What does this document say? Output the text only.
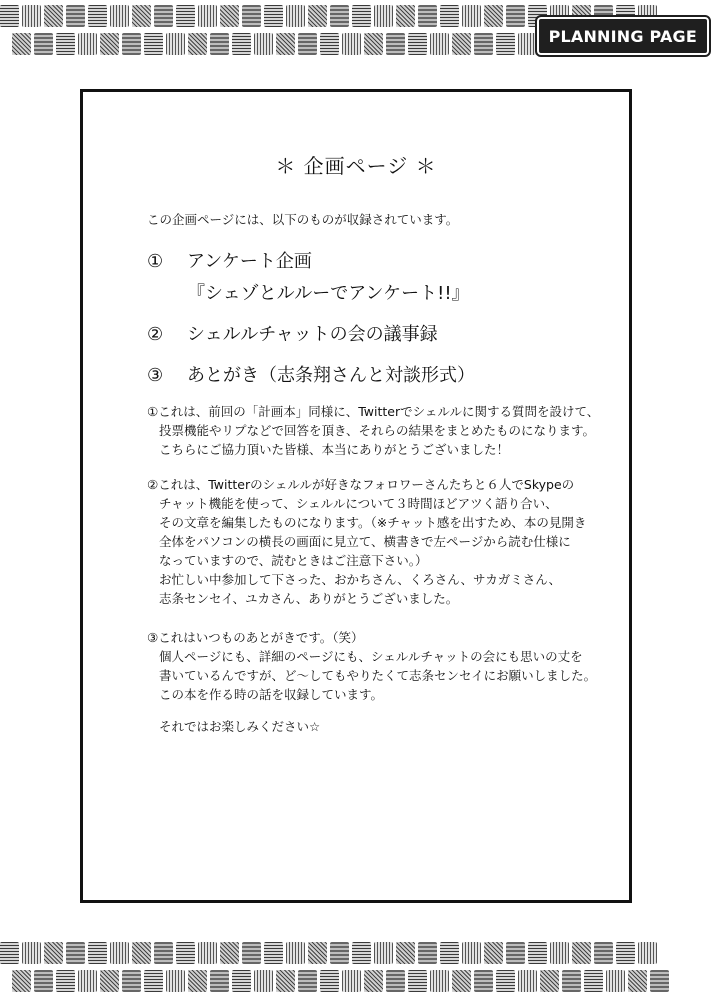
PLANNING PAGE
＊ 企画ページ ＊
この企画ページには、以下のものが収録されています。
①	アンケート企画
『シェゾとルルーでアンケート!!』
②	シェルルチャットの会の議事録
③	あとがき（志条翔さんと対談形式）
①これは、前回の「計画本」同様に、Twitterでシェルルに関する質問を設けて、
投票機能やリプなどで回答を頂き、それらの結果をまとめたものになります。
こちらにご協力頂いた皆様、本当にありがとうございました！
②これは、Twitterのシェルルが好きなフォロワーさんたちと６人でSkypeの
チャット機能を使って、シェルルについて３時間ほどアツく語り合い、
その文章を編集したものになります。（※チャット感を出すため、本の見開き
全体をパソコンの横長の画面に見立て、横書きで左ページから読む仕様に
なっていますので、読むときはご注意下さい。）
お忙しい中参加して下さった、おかちさん、くろさん、サカガミさん、
志条センセイ、ユカさん、ありがとうございました。
③これはいつものあとがきです。（笑）
個人ページにも、詳細のページにも、シェルルチャットの会にも思いの丈を
書いているんですが、ど～してもやりたくて志条センセイにお願いしました。
この本を作る時の話を収録しています。
それではお楽しみください☆
